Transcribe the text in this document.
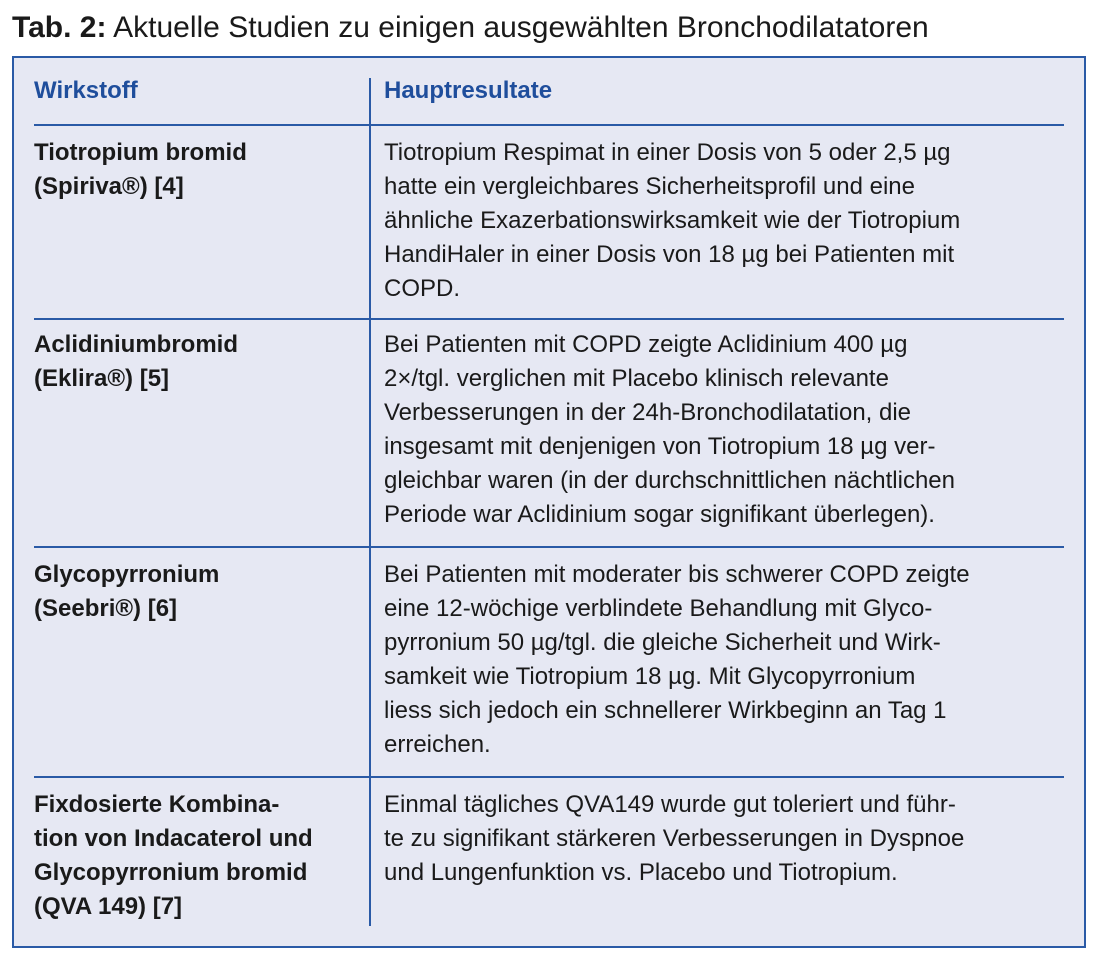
Tab. 2: Aktuelle Studien zu einigen ausgewählten Bronchodilatatoren
Wirkstoff	Hauptresultate
Tiotropium bromid
(Spiriva®) [4]
Tiotropium Respimat in einer Dosis von 5 oder 2,5 µg
hatte ein vergleichbares Sicherheitsprofil und eine
ähnliche Exazerbationswirksamkeit wie der Tiotropium
HandiHaler in einer Dosis von 18 µg bei Patienten mit
COPD.
Aclidiniumbromid
(Eklira®) [5]
Bei Patienten mit COPD zeigte Aclidinium 400 µg
2×/tgl. verglichen mit Placebo klinisch relevante
Verbesserungen in der 24h-Bronchodilatation, die
insgesamt mit denjenigen von Tiotropium 18 µg ver-
gleichbar waren (in der durchschnittlichen nächtlichen
Periode war Aclidinium sogar signifikant überlegen).
Glycopyrronium
(Seebri®) [6]
Bei Patienten mit moderater bis schwerer COPD zeigte
eine 12-wöchige verblindete Behandlung mit Glyco-
pyrronium 50 µg/tgl. die gleiche Sicherheit und Wirk-
samkeit wie Tiotropium 18 µg. Mit Glycopyrronium
liess sich jedoch ein schnellerer Wirkbeginn an Tag 1
erreichen.
Fixdosierte Kombina-
tion von Indacaterol und
Glycopyrronium bromid
(QVA 149) [7]
Einmal tägliches QVA149 wurde gut toleriert und führ-
te zu signifikant stärkeren Verbesserungen in Dyspnoe
und Lungenfunktion vs. Placebo und Tiotropium.
